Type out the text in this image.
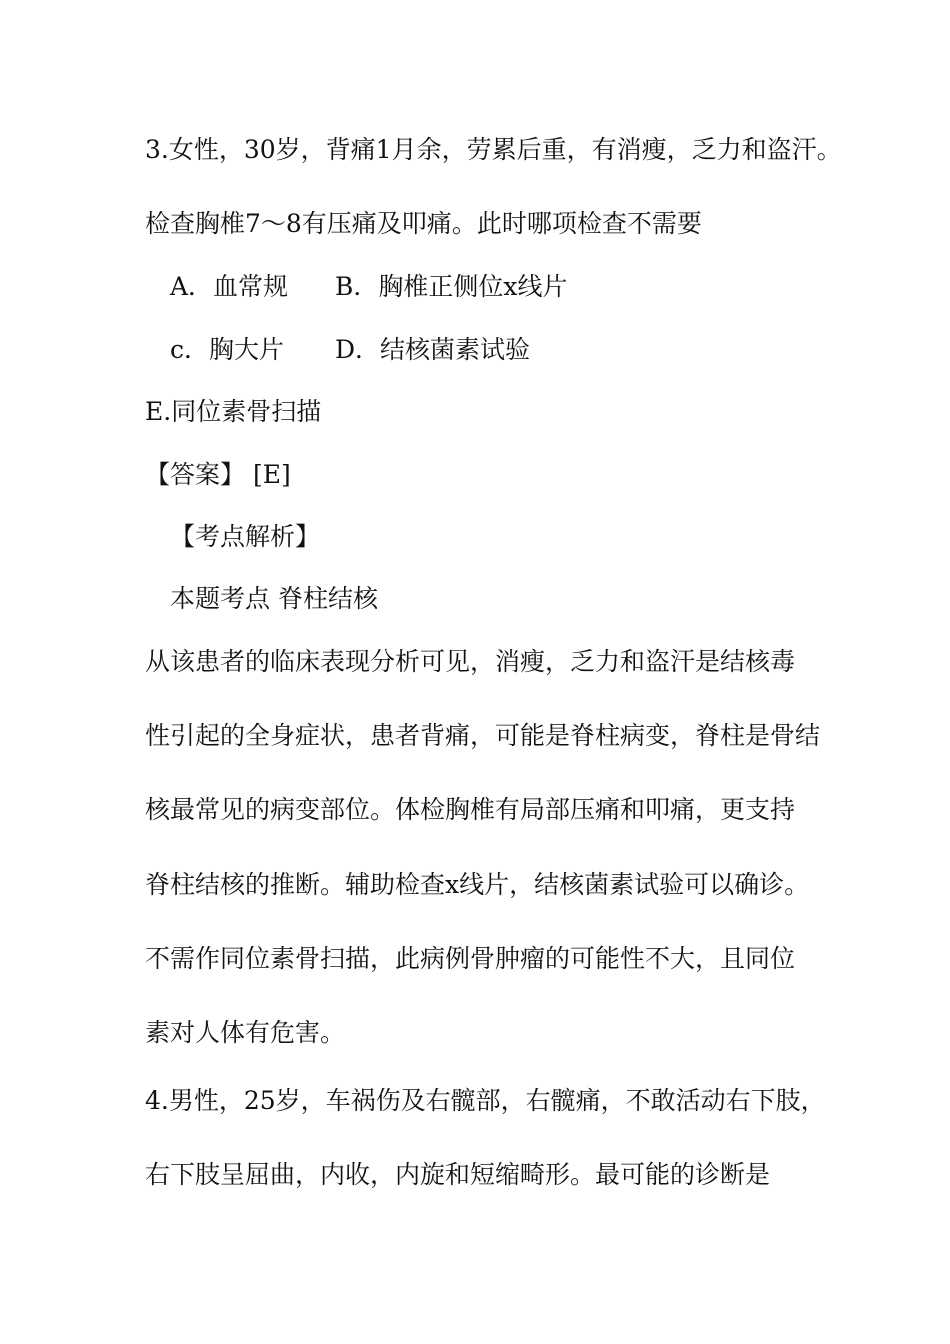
3.女性，30岁，背痛1月余，劳累后重，有消瘦，乏力和盗汗。
检查胸椎7～8有压痛及叩痛。此时哪项检查不需要
A．血常规 B．胸椎正侧位x线片
c．胸大片 D．结核菌素试验
E.同位素骨扫描
【答案】 [E]
【考点解析】
本题考点 脊柱结核
从该患者的临床表现分析可见，消瘦，乏力和盗汗是结核毒
性引起的全身症状，患者背痛，可能是脊柱病变，脊柱是骨结
核最常见的病变部位。体检胸椎有局部压痛和叩痛，更支持
脊柱结核的推断。辅助检查x线片，结核菌素试验可以确诊。
不需作同位素骨扫描，此病例骨肿瘤的可能性不大，且同位
素对人体有危害。
4.男性，25岁，车祸伤及右髋部，右髋痛，不敢活动右下肢，
右下肢呈屈曲，内收，内旋和短缩畸形。最可能的诊断是
